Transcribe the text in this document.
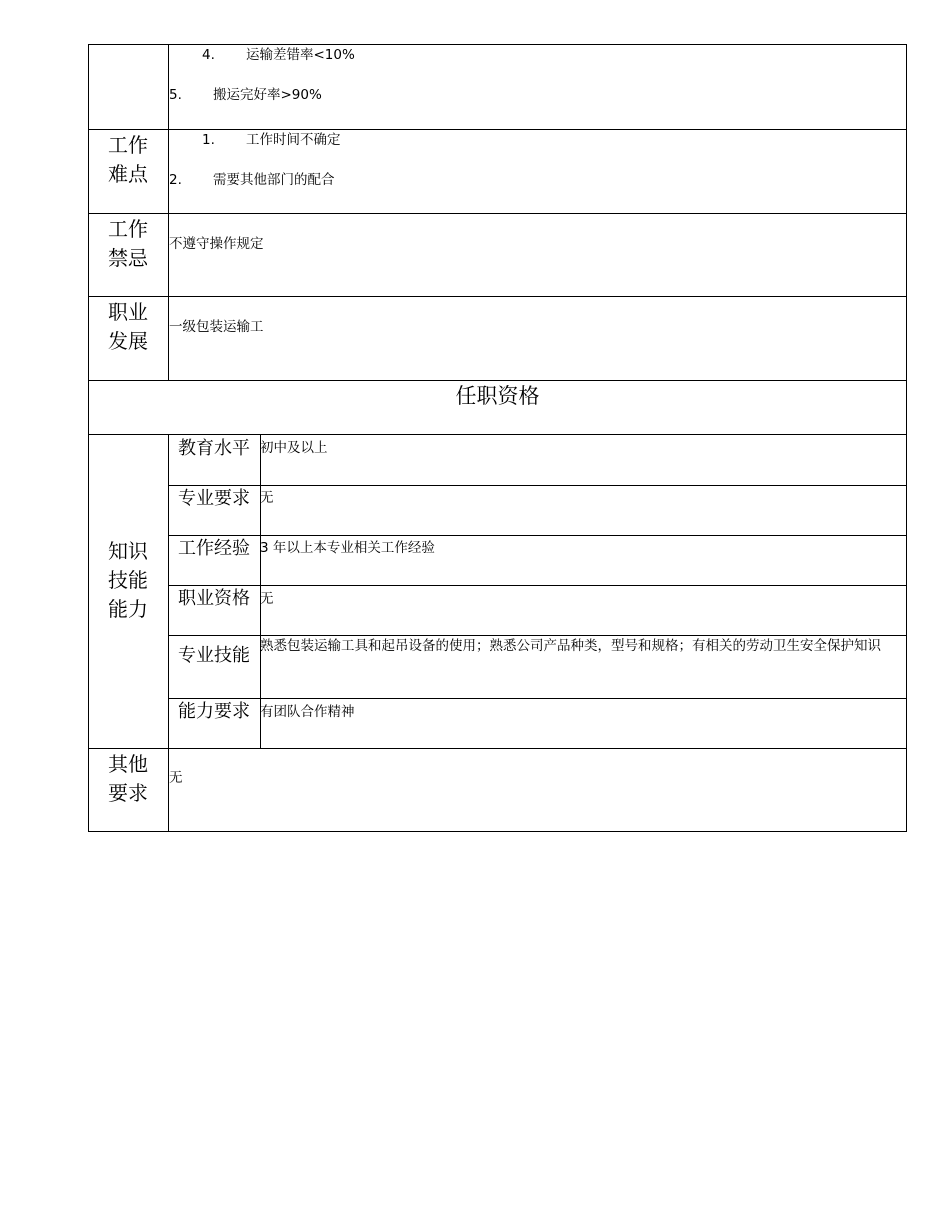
4. 运输差错率<10%
5. 搬运完好率>90%
工作
难点
1. 工作时间不确定
2. 需要其他部门的配合
工作
禁忌
不遵守操作规定
职业
发展
一级包装运输工
任职资格
知识
技能
能力
教育水平 初中及以上
专业要求 无
工作经验 3 年以上本专业相关工作经验
职业资格 无
专业技能 熟悉包装运输工具和起吊设备的使用；熟悉公司产品种类，型号和规格；有相关的劳动卫生安全保护知识
能力要求 有团队合作精神
其他
要求
无
